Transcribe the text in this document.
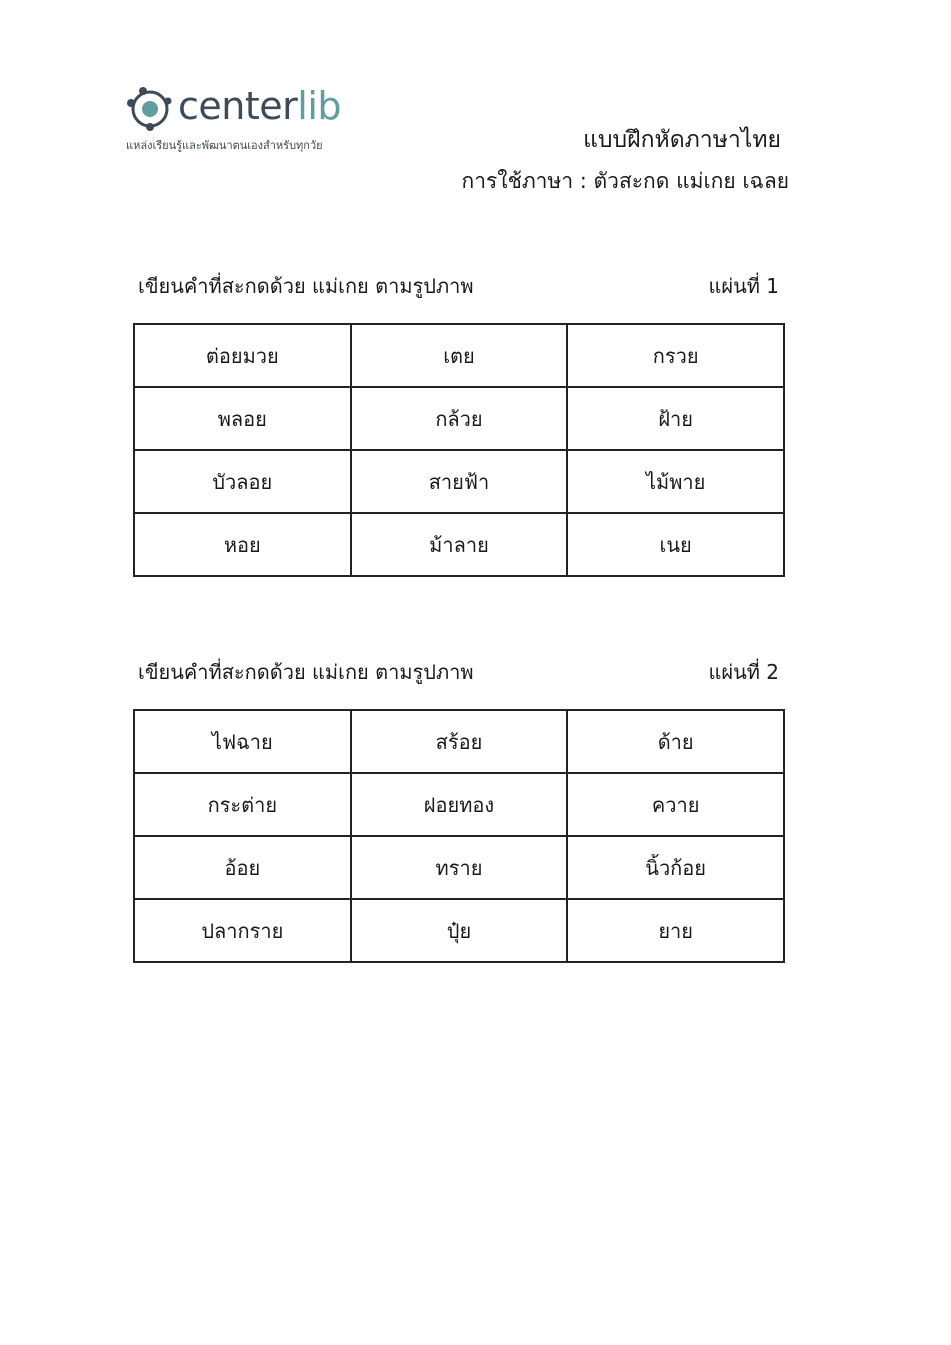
centerlib
แหล่งเรียนรู้และพัฒนาตนเองสำหรับทุกวัย	แบบฝึกหัดภาษาไทย
การใช้ภาษา : ตัวสะกด แม่เกย เฉลย
เขียนคำที่สะกดด้วย แม่เกย ตามรูปภาพ	แผ่นที่ 1
ต่อยมวย	เตย	กรวย
พลอย	กล้วย	ฝ้าย
บัวลอย	สายฟ้า	ไม้พาย
หอย	ม้าลาย	เนย
เขียนคำที่สะกดด้วย แม่เกย ตามรูปภาพ	แผ่นที่ 2
ไฟฉาย	สร้อย	ด้าย
กระต่าย	ฝอยทอง	ควาย
อ้อย	ทราย	นิ้วก้อย
ปลากราย	ปุ๋ย	ยาย
